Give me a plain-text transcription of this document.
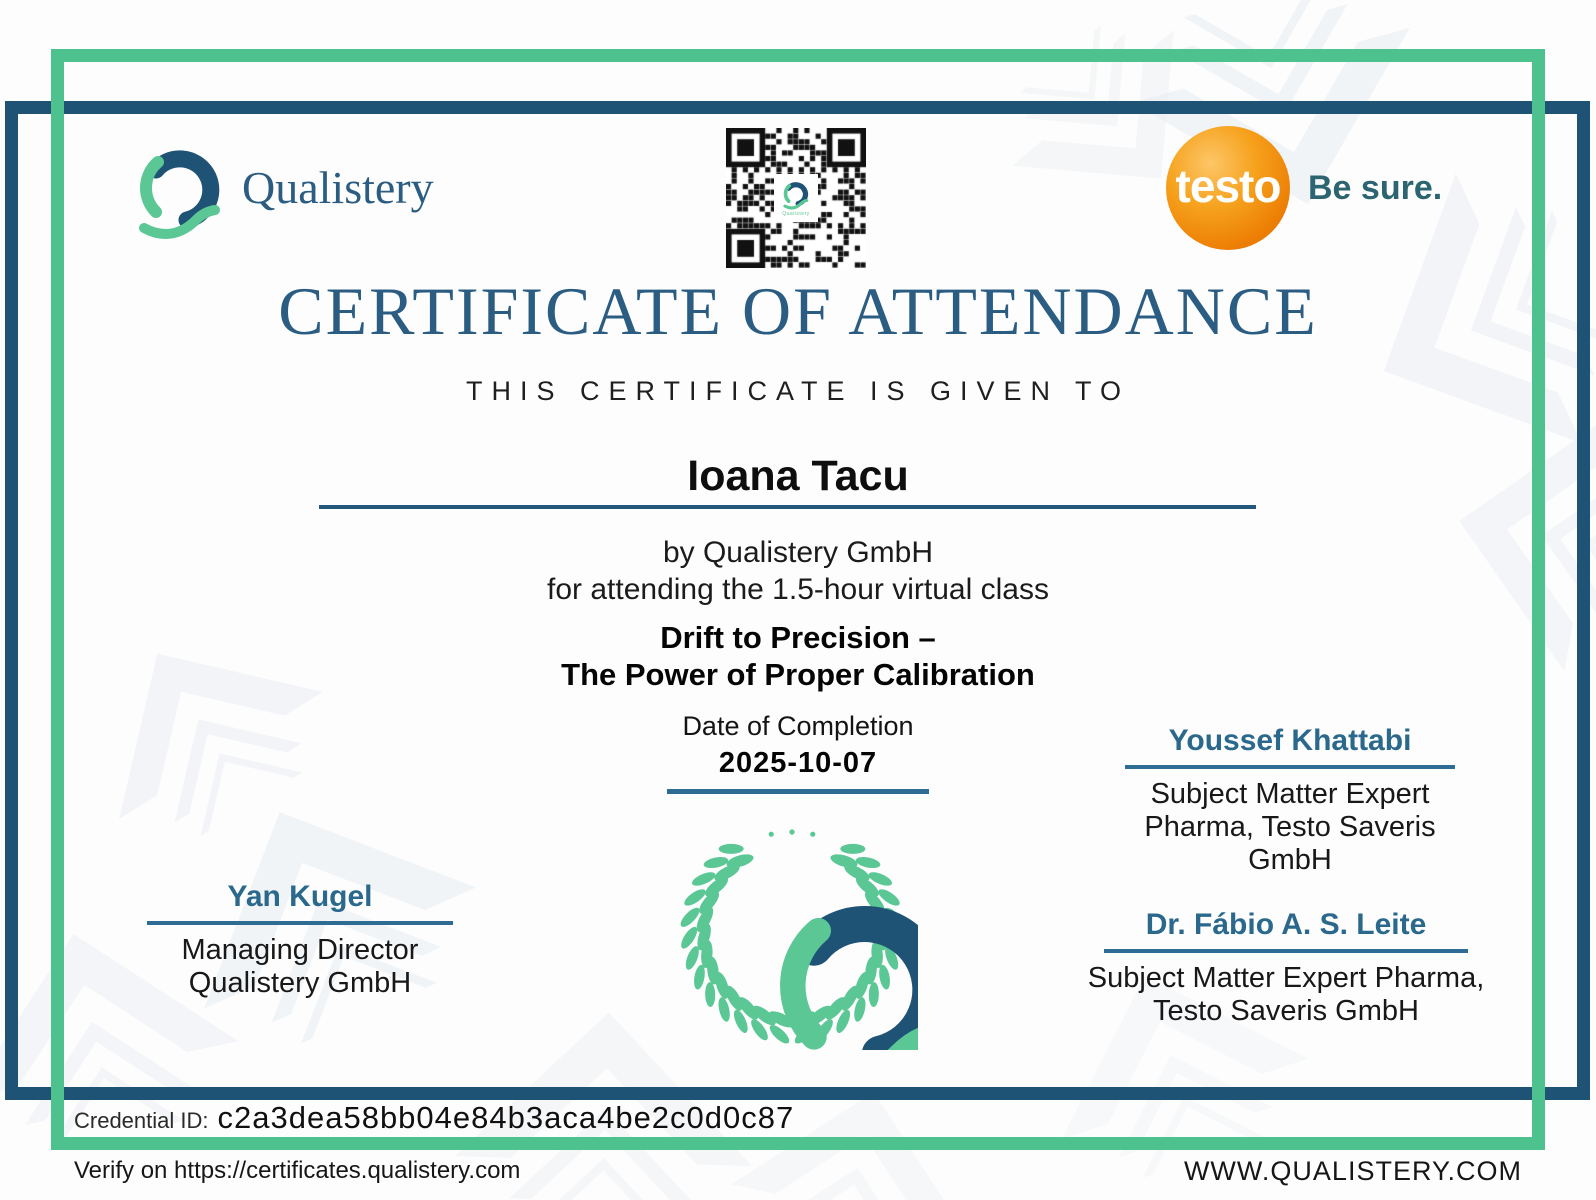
Qualistery
Qualistery
testo Be sure.
CERTIFICATE OF ATTENDANCE
THIS CERTIFICATE IS GIVEN TO
Ioana Tacu
by Qualistery GmbH
for attending the 1.5-hour virtual class
Drift to Precision –
The Power of Proper Calibration
Date of Completion
2025-10-07
Yan Kugel
Managing Director
Qualistery GmbH
Youssef Khattabi
Subject Matter Expert
Pharma, Testo Saveris
GmbH
Dr. Fábio A. S. Leite
Subject Matter Expert Pharma,
Testo Saveris GmbH
Credential ID: c2a3dea58bb04e84b3aca4be2c0d0c87
Verify on https://certificates.qualistery.com	WWW.QUALISTERY.COM
